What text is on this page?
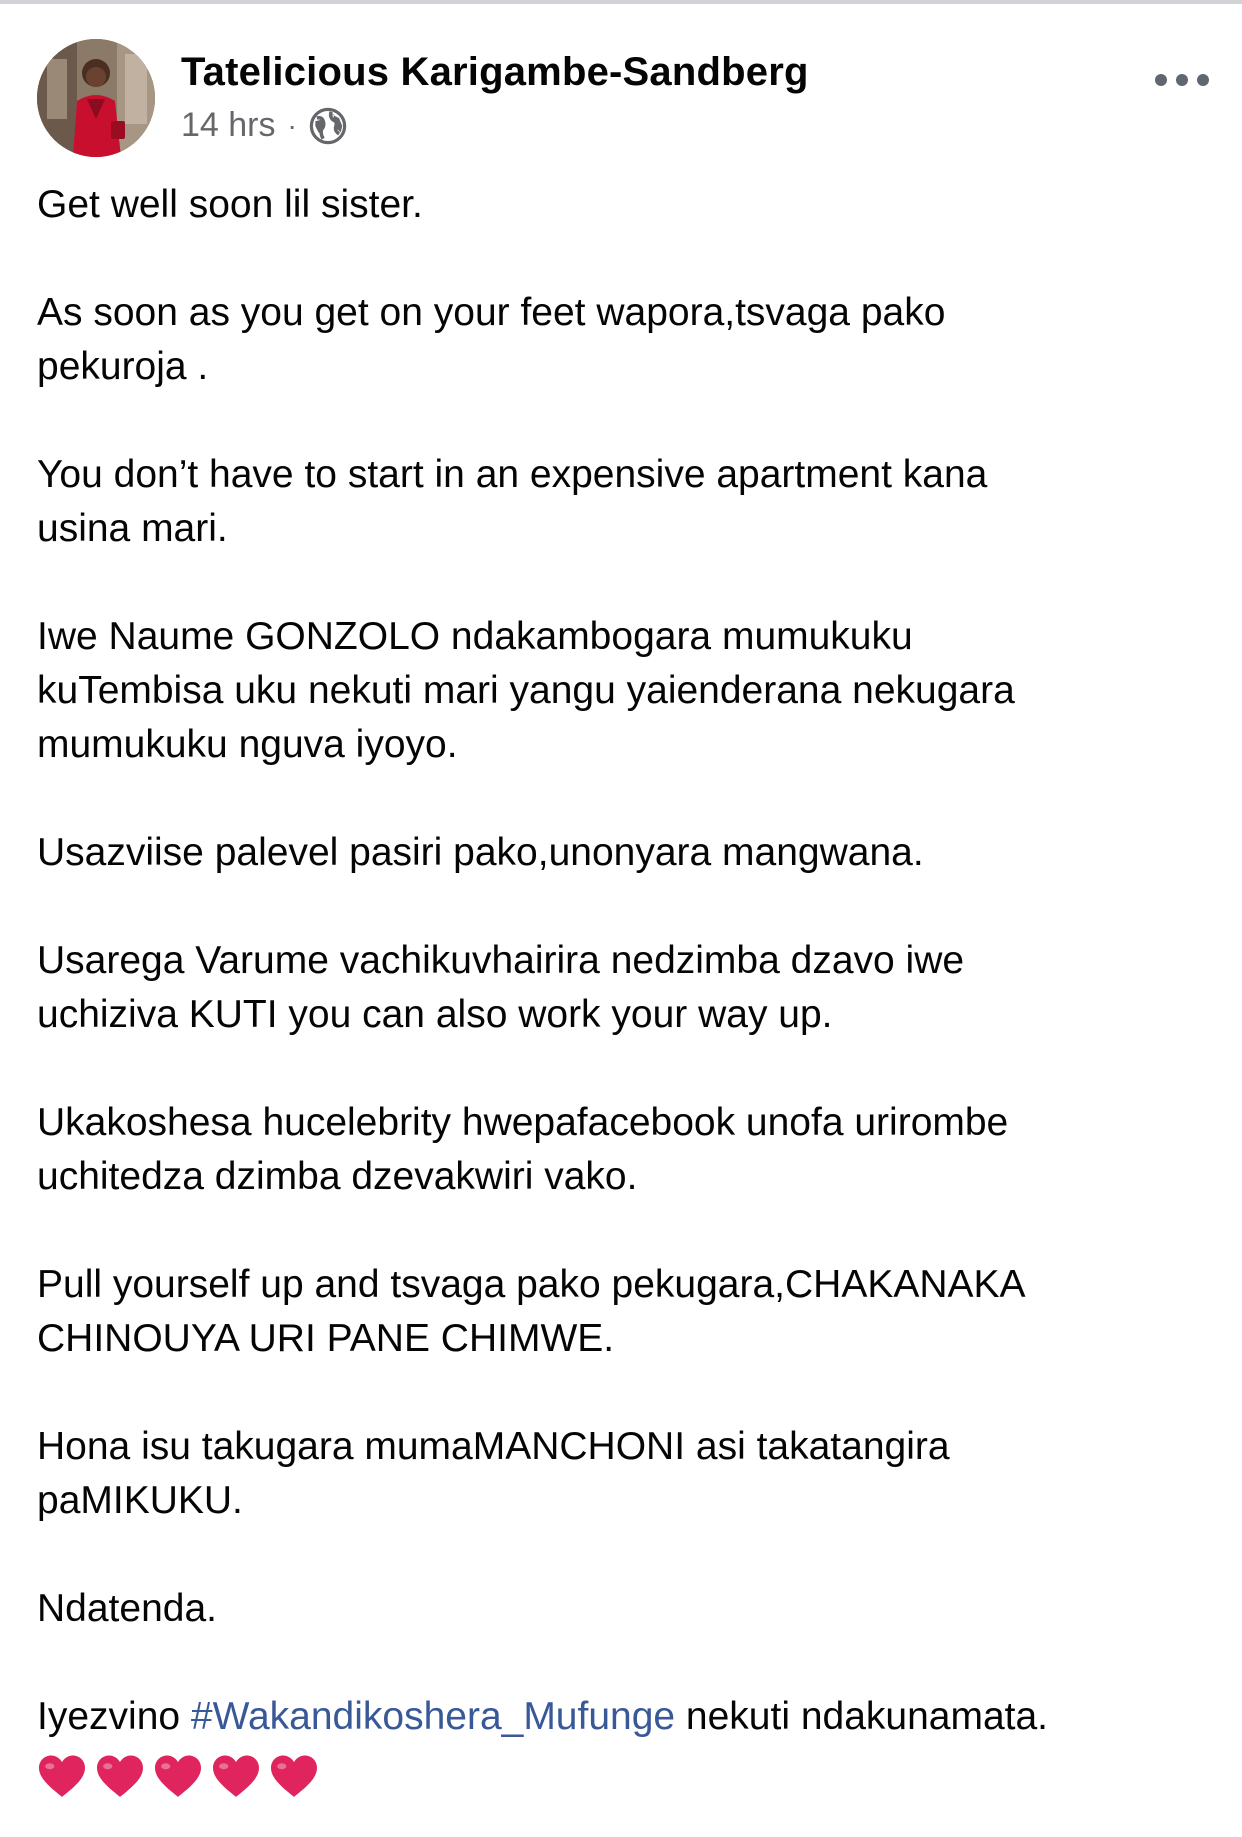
Tatelicious Karigambe-Sandberg
14 hrs ·

Get well soon lil sister.

As soon as you get on your feet wapora,tsvaga pako
pekuroja .

You don’t have to start in an expensive apartment kana
usina mari.

Iwe Naume GONZOLO ndakambogara mumukuku
kuTembisa uku nekuti mari yangu yaienderana nekugara
mumukuku nguva iyoyo.

Usazviise palevel pasiri pako,unonyara mangwana.

Usarega Varume vachikuvhairira nedzimba dzavo iwe
uchiziva KUTI you can also work your way up.

Ukakoshesa hucelebrity hwepafacebook unofa urirombe
uchitedza dzimba dzevakwiri vako.

Pull yourself up and tsvaga pako pekugara,CHAKANAKA
CHINOUYA URI PANE CHIMWE.

Hona isu takugara mumaMANCHONI asi takatangira
paMIKUKU.

Ndatenda.

Iyezvino #Wakandikoshera_Mufunge nekuti ndakunamata.
